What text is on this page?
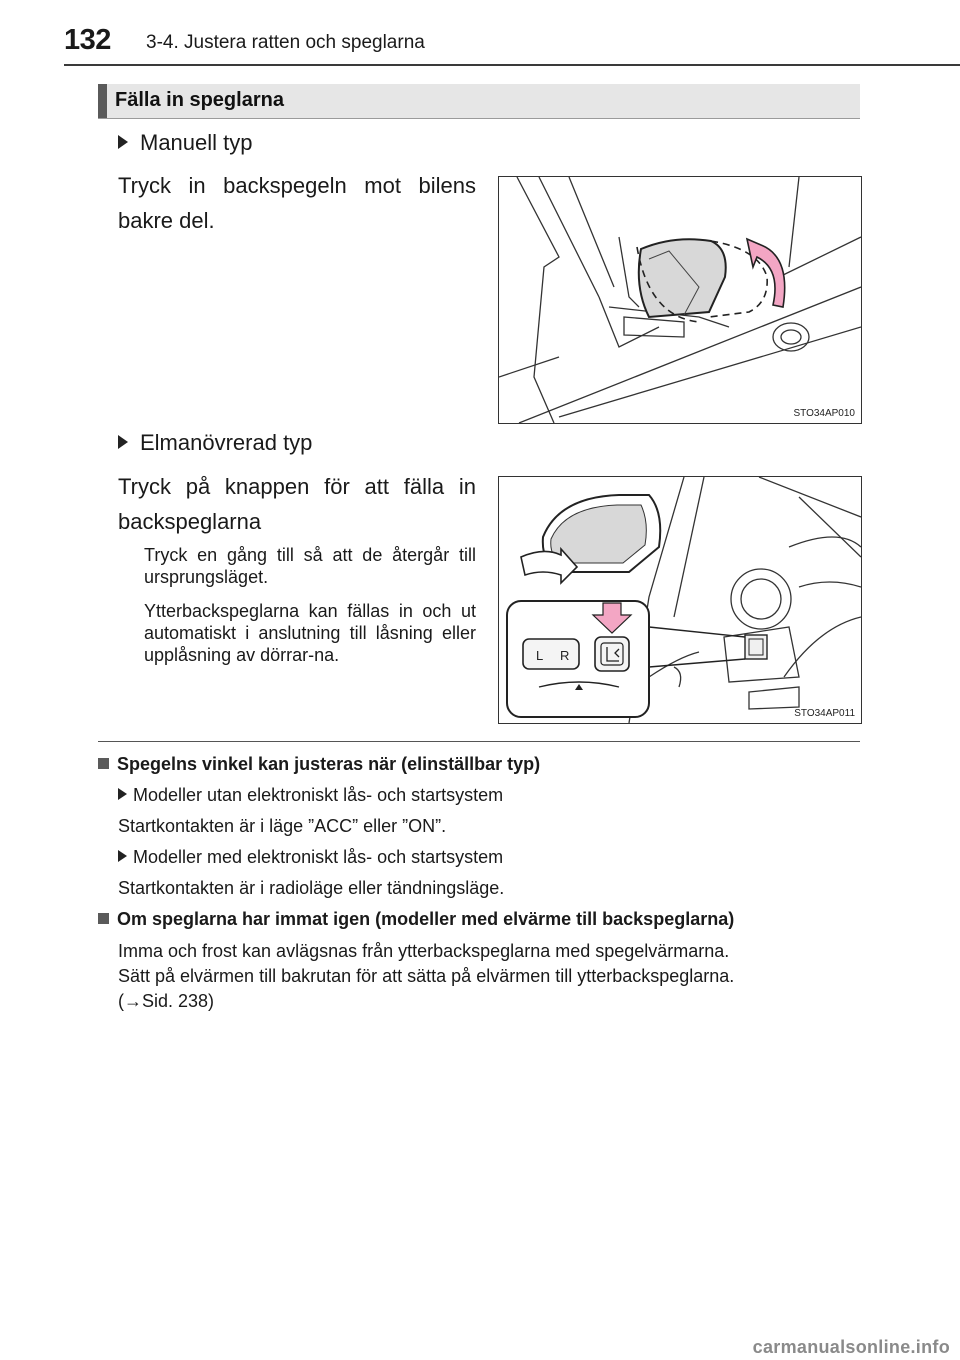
132 3-4. Justera ratten och speglarna
Fälla in speglarna
Manuell typ
Tryck in backspegeln mot bilens bakre del.
STO34AP010
Elmanövrerad typ
Tryck på knappen för att fälla in backspeglarna
Tryck en gång till så att de återgår till ursprungsläget.
Ytterbackspeglarna kan fällas in och ut automatiskt i anslutning till låsning eller upplåsning av dörrar-na.	L R
STO34AP011
Spegelns vinkel kan justeras när (elinställbar typ)
Modeller utan elektroniskt lås- och startsystem
Startkontakten är i läge ”ACC” eller ”ON”.
Modeller med elektroniskt lås- och startsystem
Startkontakten är i radioläge eller tändningsläge.
Om speglarna har immat igen (modeller med elvärme till backspeglarna)
Imma och frost kan avlägsnas från ytterbackspeglarna med spegelvärmarna.
Sätt på elvärmen till bakrutan för att sätta på elvärmen till ytterbackspeglarna.
(→Sid. 238)
carmanualsonline.info
